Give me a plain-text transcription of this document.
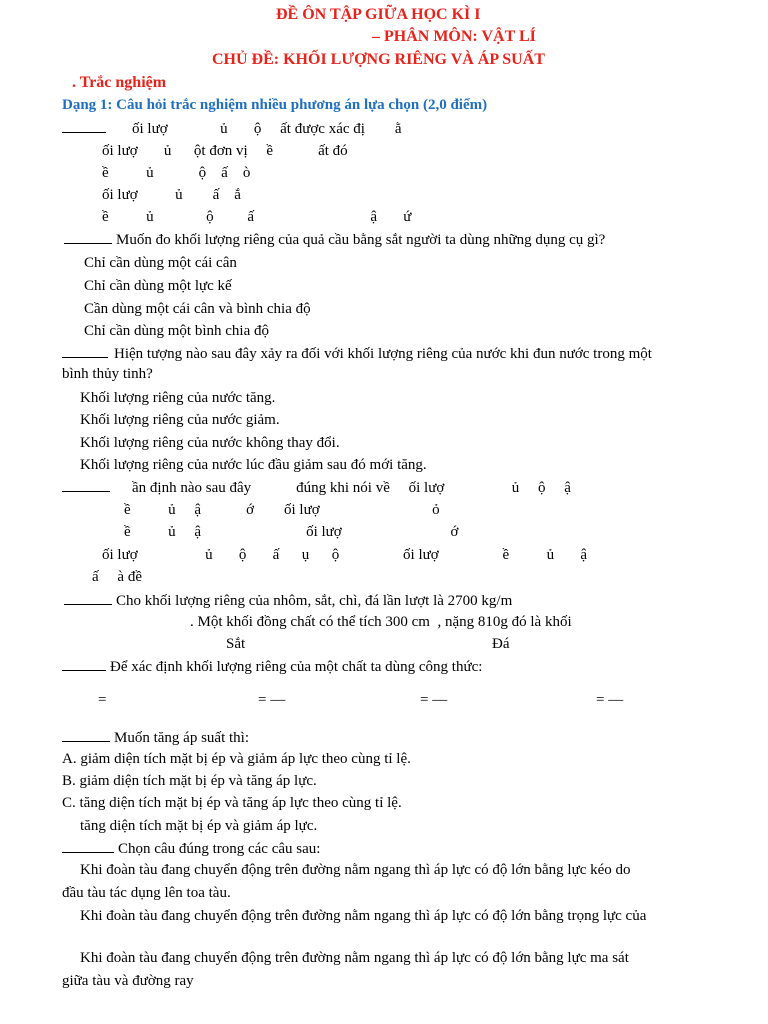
ĐỀ ÔN TẬP GIỮA HỌC KÌ I
– PHÂN MÔN: VẬT LÍ
CHỦ ĐỀ: KHỐI LƯỢNG RIÊNG VÀ ÁP SUẤT
. Trắc nghiệm
Dạng 1: Câu hỏi trắc nghiệm nhiều phương án lựa chọn (2,0 điểm)
ối lượ              ủ       ộ     ất được xác đị        ằ
ối lượ       ủ      ột đơn vị     ề            ất đó
ề          ủ            ộ    ấ    ò
ối lượ          ủ        ấ    ắ
ề          ủ              ộ         ấ                               ậ       ứ
Muốn đo khối lượng riêng của quả cầu bằng sắt người ta dùng những dụng cụ gì?
Chỉ cần dùng một cái cân
Chỉ cần dùng một lực kế
Cần dùng một cái cân và bình chia độ
Chỉ cần dùng một bình chia độ
Hiện tượng nào sau đây xảy ra đối với khối lượng riêng của nước khi đun nước trong một
bình thủy tinh?
Khối lượng riêng của nước tăng.
Khối lượng riêng của nước giảm.
Khối lượng riêng của nước không thay đổi.
Khối lượng riêng của nước lúc đầu giảm sau đó mới tăng.
ần định nào sau đây            đúng khi nói về     ối lượ                  ủ     ộ     ậ
ề          ủ     ậ            ớ        ối lượ                              ỏ
ề          ủ     ậ                            ối lượ                             ớ
ối lượ                  ủ       ộ       ấ      ụ      ộ                 ối lượ                 ề          ủ       ậ
ấ     à đề
Cho khối lượng riêng của nhôm, sắt, chì, đá lần lượt là 2700 kg/m
. Một khối đồng chất có thể tích 300 cm  , nặng 810g đó là khối
Sắt	Đá
Để xác định khối lượng riêng của một chất ta dùng công thức:
=	= —	= —	= —
Muốn tăng áp suất thì:
A. giảm diện tích mặt bị ép và giảm áp lực theo cùng tỉ lệ.
B. giảm diện tích mặt bị ép và tăng áp lực.
C. tăng diện tích mặt bị ép và tăng áp lực theo cùng tỉ lệ.
tăng diện tích mặt bị ép và giảm áp lực.
Chọn câu đúng trong các câu sau:
Khi đoàn tàu đang chuyển động trên đường nằm ngang thì áp lực có độ lớn bằng lực kéo do
đầu tàu tác dụng lên toa tàu.
Khi đoàn tàu đang chuyển động trên đường nằm ngang thì áp lực có độ lớn bằng trọng lực của
Khi đoàn tàu đang chuyển động trên đường nằm ngang thì áp lực có độ lớn bằng lực ma sát
giữa tàu và đường ray
